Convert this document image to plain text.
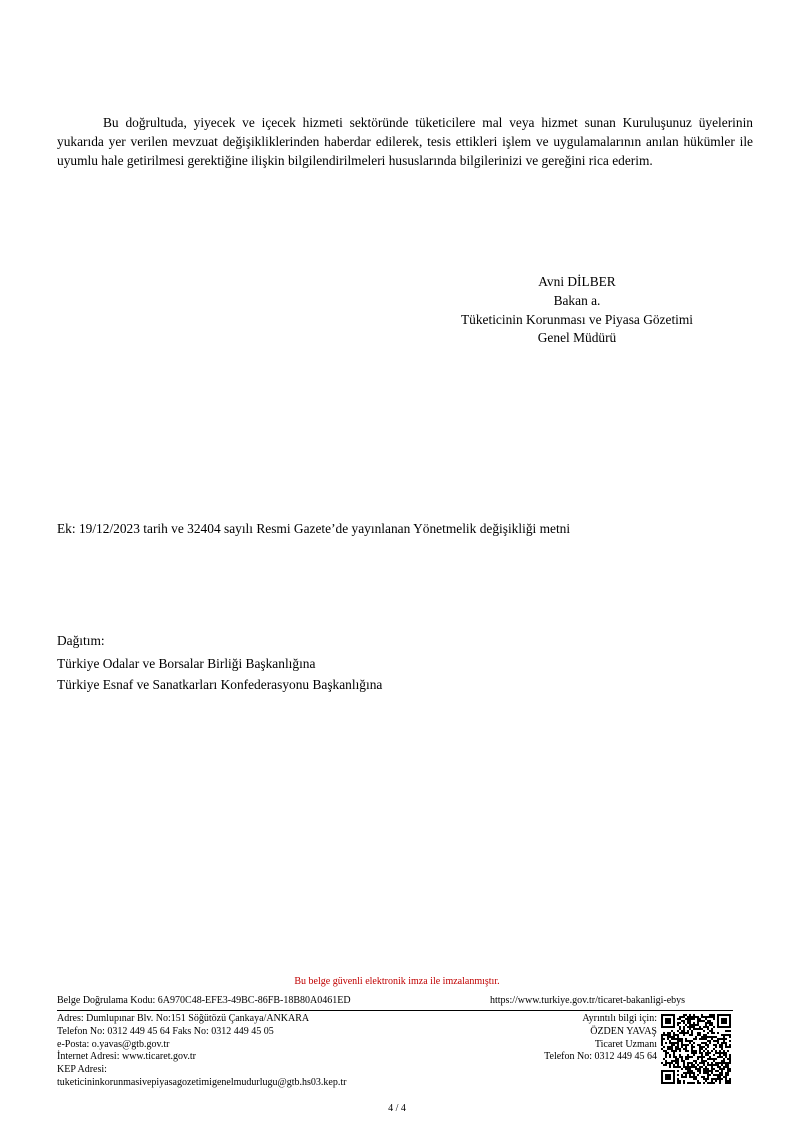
Bu doğrultuda, yiyecek ve içecek hizmeti sektöründe tüketicilere mal veya hizmet sunan Kuruluşunuz üyelerinin yukarıda yer verilen mevzuat değişikliklerinden haberdar edilerek, tesis ettikleri işlem ve uygulamalarının anılan hükümler ile uyumlu hale getirilmesi gerektiğine ilişkin bilgilendirilmeleri hususlarında bilgilerinizi ve gereğini rica ederim.
Avni DİLBER
Bakan a.
Tüketicinin Korunması ve Piyasa Gözetimi
Genel Müdürü
Ek: 19/12/2023 tarih ve 32404 sayılı Resmi Gazete’de yayınlanan Yönetmelik değişikliği metni
Dağıtım:
Türkiye Odalar ve Borsalar Birliği Başkanlığına
Türkiye Esnaf ve Sanatkarları Konfederasyonu Başkanlığına
Bu belge güvenli elektronik imza ile imzalanmıştır.
Belge Doğrulama Kodu: 6A970C48-EFE3-49BC-86FB-18B80A0461ED	https://www.turkiye.gov.tr/ticaret-bakanligi-ebys
Adres: Dumlupınar Blv. No:151 Söğütözü Çankaya/ANKARA
Telefon No: 0312 449 45 64 Faks No: 0312 449 45 05
e-Posta: o.yavas@gtb.gov.tr
İnternet Adresi: www.ticaret.gov.tr
KEP Adresi:
tuketicininkorunmasivepiyasagozetimigenelmudurlugu@gtb.hs03.kep.tr
Ayrıntılı bilgi için:
ÖZDEN YAVAŞ
Ticaret Uzmanı
Telefon No: 0312 449 45 64
4 / 4
